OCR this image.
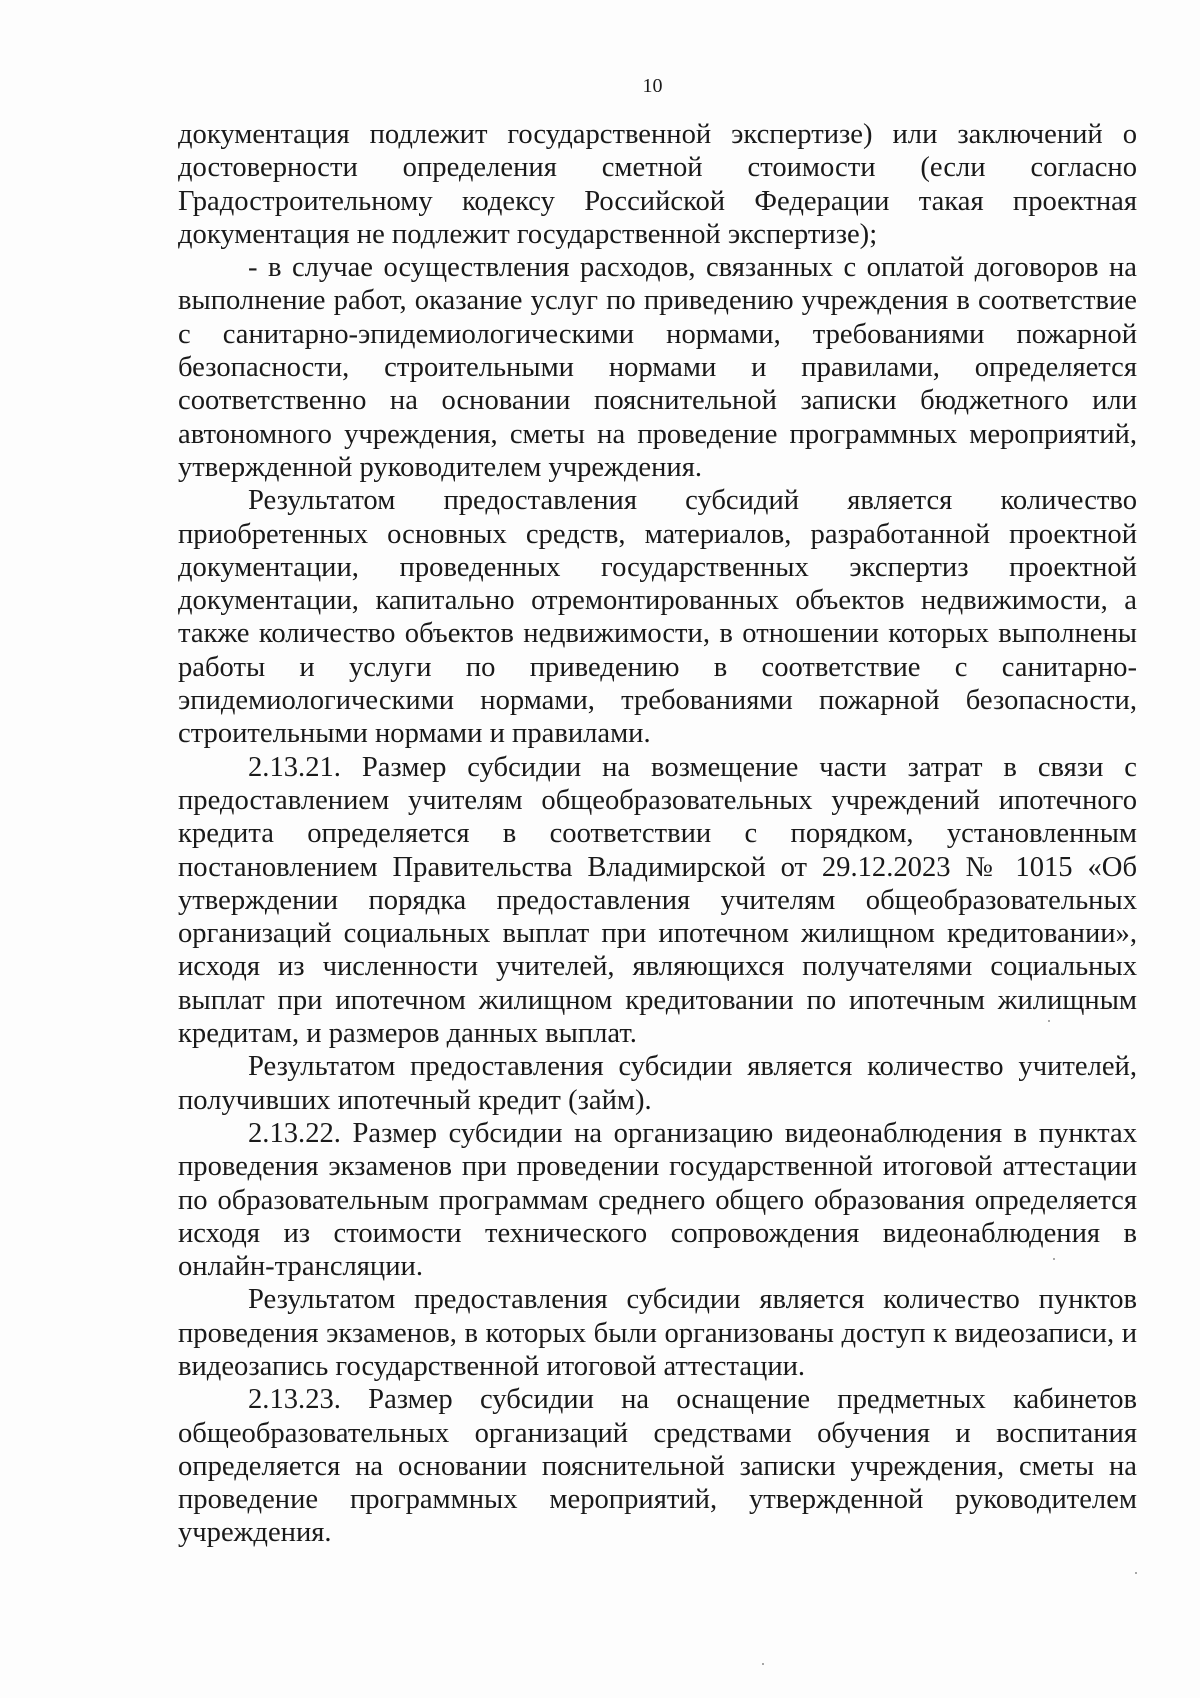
10

документация подлежит государственной экспертизе) или заключений о достоверности определения сметной стоимости (если согласно Градостроительному кодексу Российской Федерации такая проектная документация не подлежит государственной экспертизе);

- в случае осуществления расходов, связанных с оплатой договоров на выполнение работ, оказание услуг по приведению учреждения в соответствие с санитарно-эпидемиологическими нормами, требованиями пожарной безопасности, строительными нормами и правилами, определяется соответственно на основании пояснительной записки бюджетного или автономного учреждения, сметы на проведение программных мероприятий, утвержденной руководителем учреждения.

Результатом предоставления субсидий является количество приобретенных основных средств, материалов, разработанной проектной документации, проведенных государственных экспертиз проектной документации, капитально отремонтированных объектов недвижимости, а также количество объектов недвижимости, в отношении которых выполнены работы и услуги по приведению в соответствие с санитарно-эпидемиологическими нормами, требованиями пожарной безопасности, строительными нормами и правилами.

2.13.21. Размер субсидии на возмещение части затрат в связи с предоставлением учителям общеобразовательных учреждений ипотечного кредита определяется в соответствии с порядком, установленным постановлением Правительства Владимирской от 29.12.2023 № 1015 «Об утверждении порядка предоставления учителям общеобразовательных организаций социальных выплат при ипотечном жилищном кредитовании», исходя из численности учителей, являющихся получателями социальных выплат при ипотечном жилищном кредитовании по ипотечным жилищным кредитам, и размеров данных выплат.

Результатом предоставления субсидии является количество учителей, получивших ипотечный кредит (займ).

2.13.22. Размер субсидии на организацию видеонаблюдения в пунктах проведения экзаменов при проведении государственной итоговой аттестации по образовательным программам среднего общего образования определяется исходя из стоимости технического сопровождения видеонаблюдения в онлайн-трансляции.

Результатом предоставления субсидии является количество пунктов проведения экзаменов, в которых были организованы доступ к видеозаписи, и видеозапись государственной итоговой аттестации.

2.13.23. Размер субсидии на оснащение предметных кабинетов общеобразовательных организаций средствами обучения и воспитания определяется на основании пояснительной записки учреждения, сметы на проведение программных мероприятий, утвержденной руководителем учреждения.
